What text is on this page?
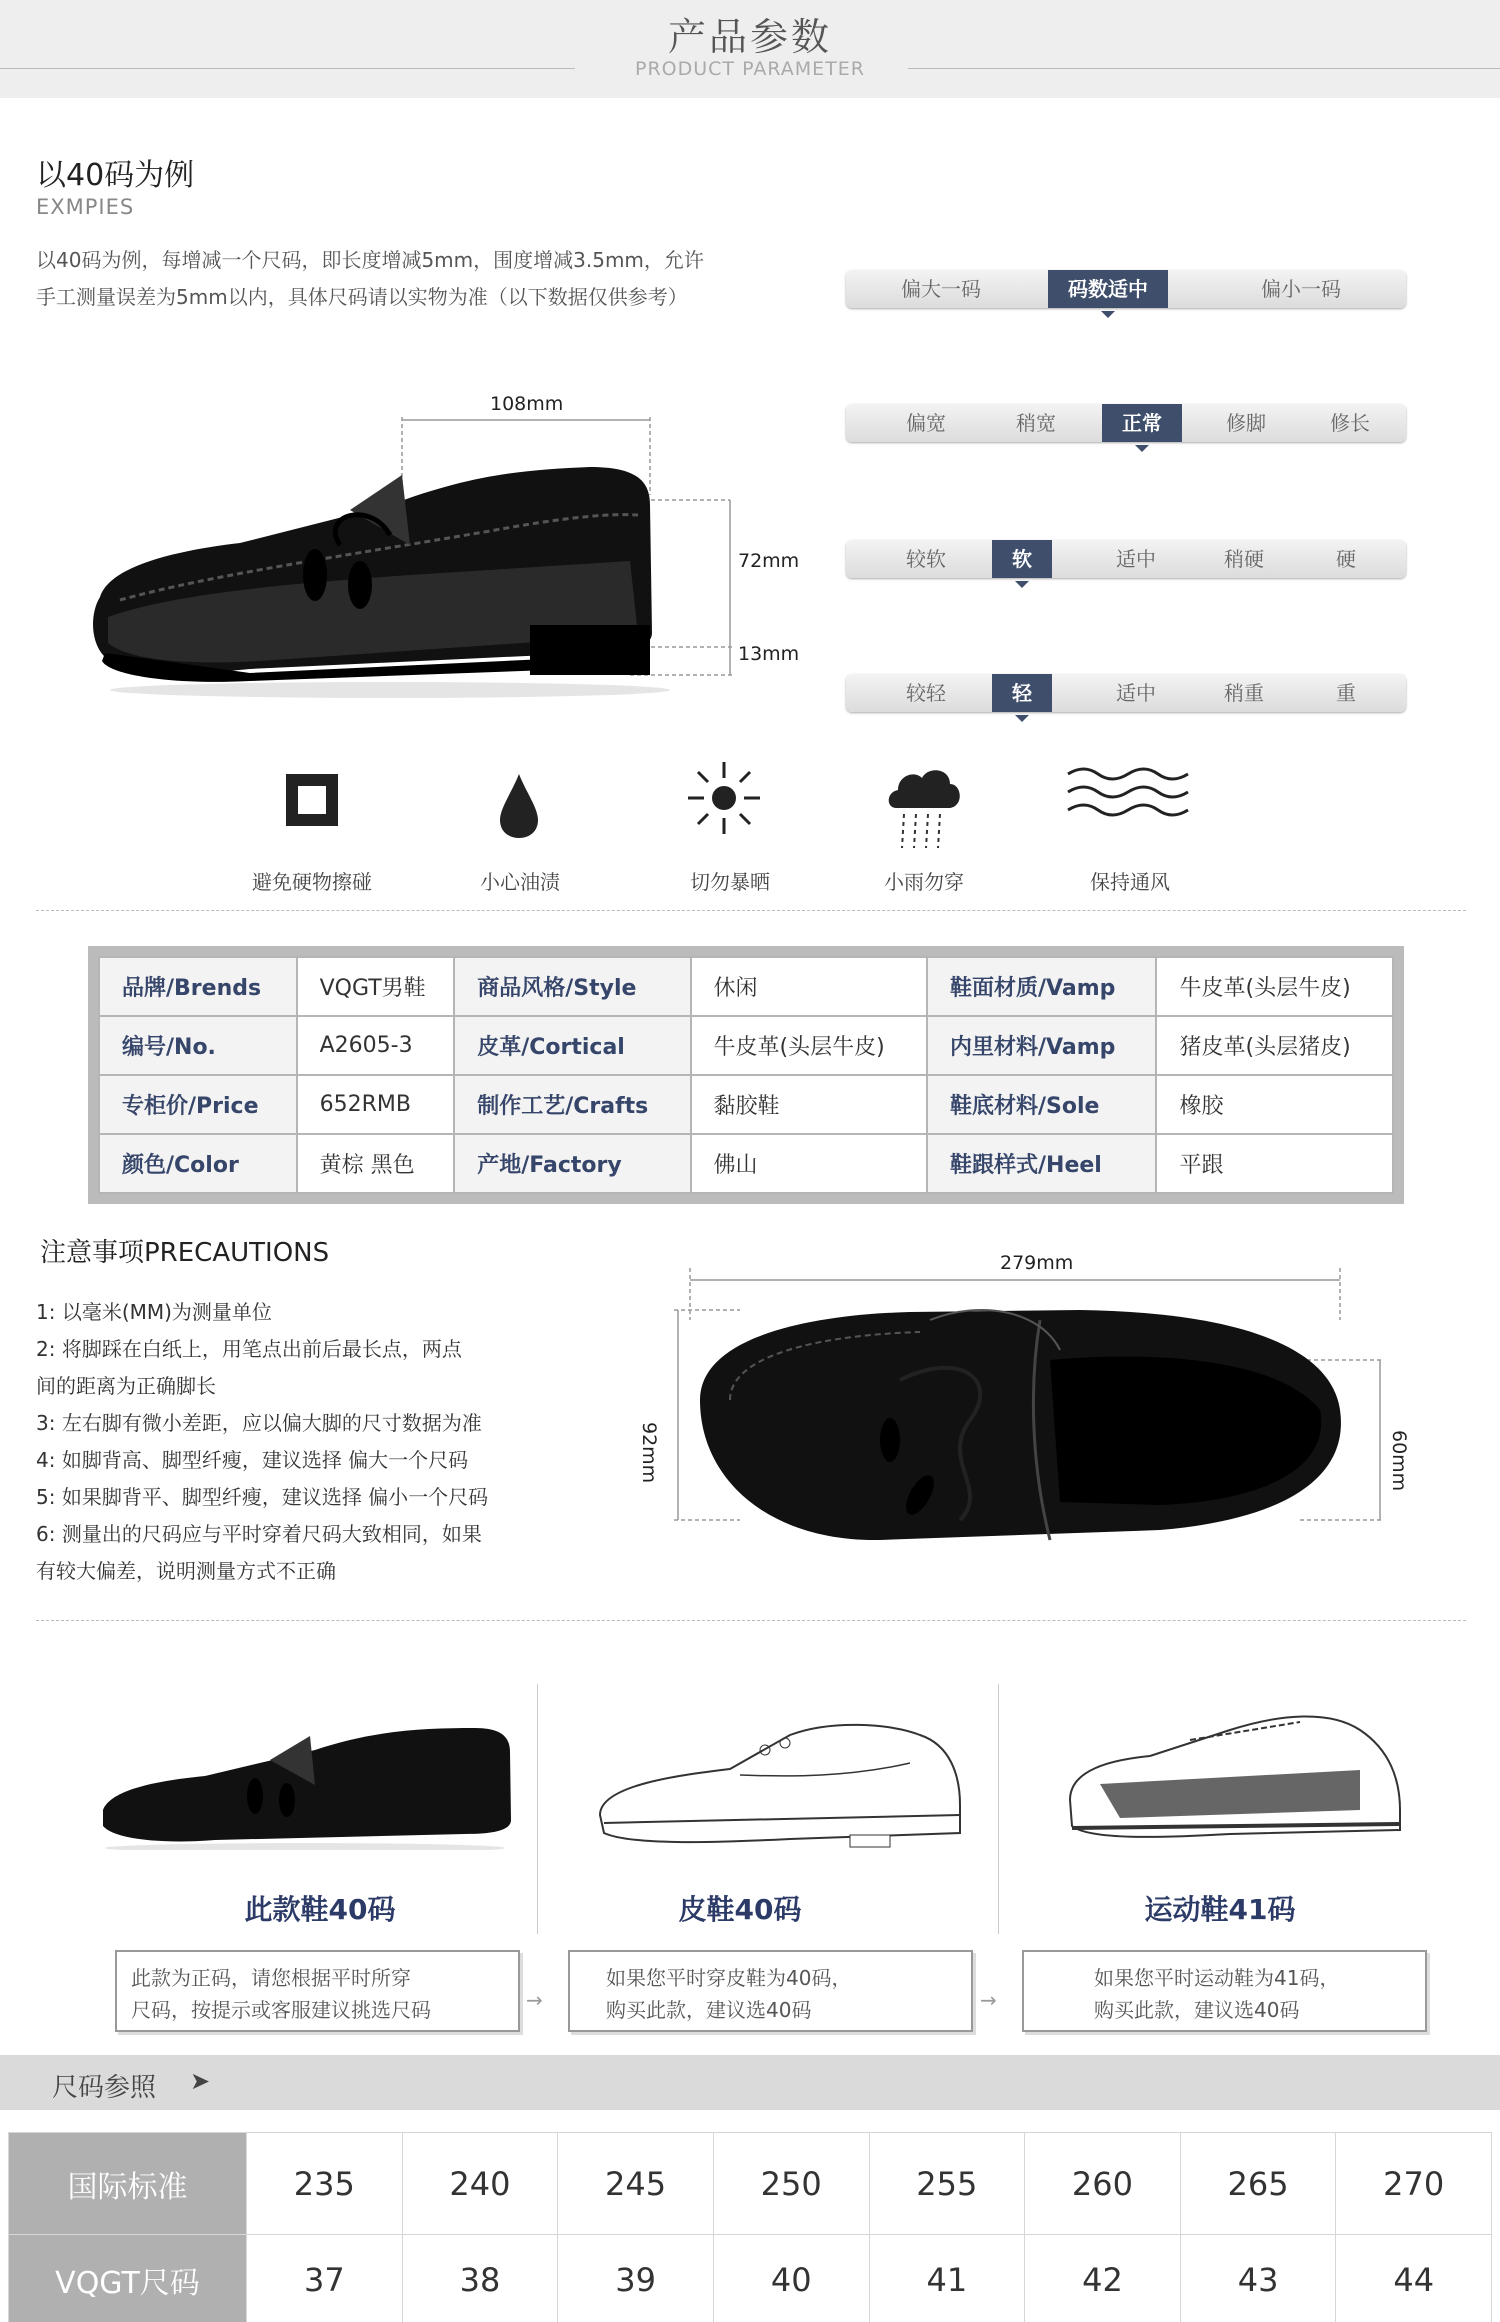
产品参数
PRODUCT PARAMETER
以40码为例
EXMPIES
以40码为例，每增减一个尺码，即长度增减5mm，围度增减3.5mm，允许
手工测量误差为5mm以内，具体尺码请以实物为准（以下数据仅供参考）
108mm
72mm
13mm
偏大一码	码数适中	偏小一码
偏宽	稍宽	正常	修脚	修长
较软	软	适中	稍硬	硬
较轻	轻	适中	稍重	重
避免硬物擦碰	小心油渍	切勿暴晒	小雨勿穿	保持通风
品牌/Brends	VQGT男鞋	商品风格/Style	休闲	鞋面材质/Vamp	牛皮革(头层牛皮)
编号/No.	A2605-3	皮革/Cortical	牛皮革(头层牛皮)	内里材料/Vamp	猪皮革(头层猪皮)
专柜价/Price	652RMB	制作工艺/Crafts	黏胶鞋	鞋底材料/Sole	橡胶
颜色/Color	黄棕 黑色	产地/Factory	佛山	鞋跟样式/Heel	平跟
注意事项PRECAUTIONS
1: 以毫米(MM)为测量单位
2: 将脚踩在白纸上，用笔点出前后最长点，两点
间的距离为正确脚长
3: 左右脚有微小差距，应以偏大脚的尺寸数据为准
4: 如脚背高、脚型纤瘦，建议选择 偏大一个尺码
5: 如果脚背平、脚型纤瘦，建议选择 偏小一个尺码
6: 测量出的尺码应与平时穿着尺码大致相同，如果
有较大偏差，说明测量方式不正确
279mm
92mm	60mm
此款鞋40码	皮鞋40码	运动鞋41码
此款为正码，请您根据平时所穿
尺码，按提示或客服建议挑选尺码	→
如果您平时穿皮鞋为40码，
购买此款，建议选40码	→
如果您平时运动鞋为41码，
购买此款，建议选40码
尺码参照 ➤
国际标准	235	240	245	250	255	260	265	270
VQGT尺码	37	38	39	40	41	42	43	44
